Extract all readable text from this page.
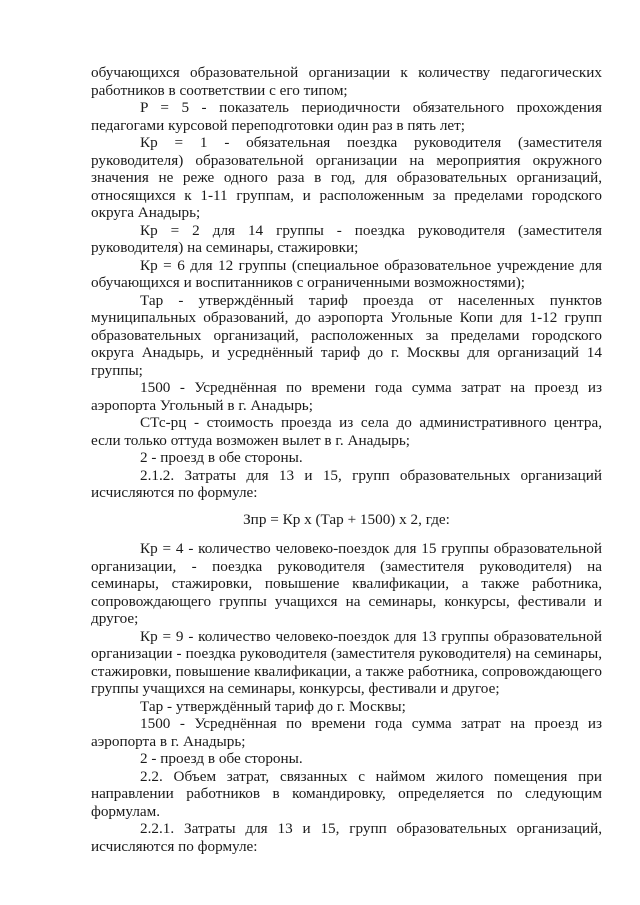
обучающихся образовательной организации к количеству педагогических работников в соответствии с его типом;

P = 5 - показатель периодичности обязательного прохождения педагогами курсовой переподготовки один раз в пять лет;

Кр = 1 - обязательная поездка руководителя (заместителя руководителя) образовательной организации на мероприятия окружного значения не реже одного раза в год, для образовательных организаций, относящихся к 1-11 группам, и расположенным за пределами городского округа Анадырь;

Кр = 2 для 14 группы - поездка руководителя (заместителя руководителя) на семинары, стажировки;

Кр = 6 для 12 группы (специальное образовательное учреждение для обучающихся и воспитанников с ограниченными возможностями);

Тар - утверждённый тариф проезда от населенных пунктов муниципальных образований, до аэропорта Угольные Копи для 1-12 групп образовательных организаций, расположенных за пределами городского округа Анадырь, и усреднённый тариф до г. Москвы для организаций 14 группы;

1500 - Усреднённая по времени года сумма затрат на проезд из аэропорта Угольный в г. Анадырь;

СТс-рц - стоимость проезда из села до административного центра, если только оттуда возможен вылет в г. Анадырь;

2 - проезд в обе стороны.

2.1.2. Затраты для 13 и 15, групп образовательных организаций исчисляются по формуле:

Зпр = Кр х (Тар + 1500) х 2, где:

Кр = 4 - количество человеко-поездок для 15 группы образовательной организации, - поездка руководителя (заместителя руководителя) на семинары, стажировки, повышение квалификации, а также работника, сопровождающего группы учащихся на семинары, конкурсы, фестивали и другое;

Кр = 9 - количество человеко-поездок для 13 группы образовательной организации - поездка руководителя (заместителя руководителя) на семинары, стажировки, повышение квалификации, а также работника, сопровождающего группы учащихся на семинары, конкурсы, фестивали и другое;

Тар - утверждённый тариф до г. Москвы;

1500 - Усреднённая по времени года сумма затрат на проезд из аэропорта в г. Анадырь;

2 - проезд в обе стороны.

2.2. Объем затрат, связанных с наймом жилого помещения при направлении работников в командировку, определяется по следующим формулам.

2.2.1. Затраты для 13 и 15, групп образовательных организаций, исчисляются по формуле:
